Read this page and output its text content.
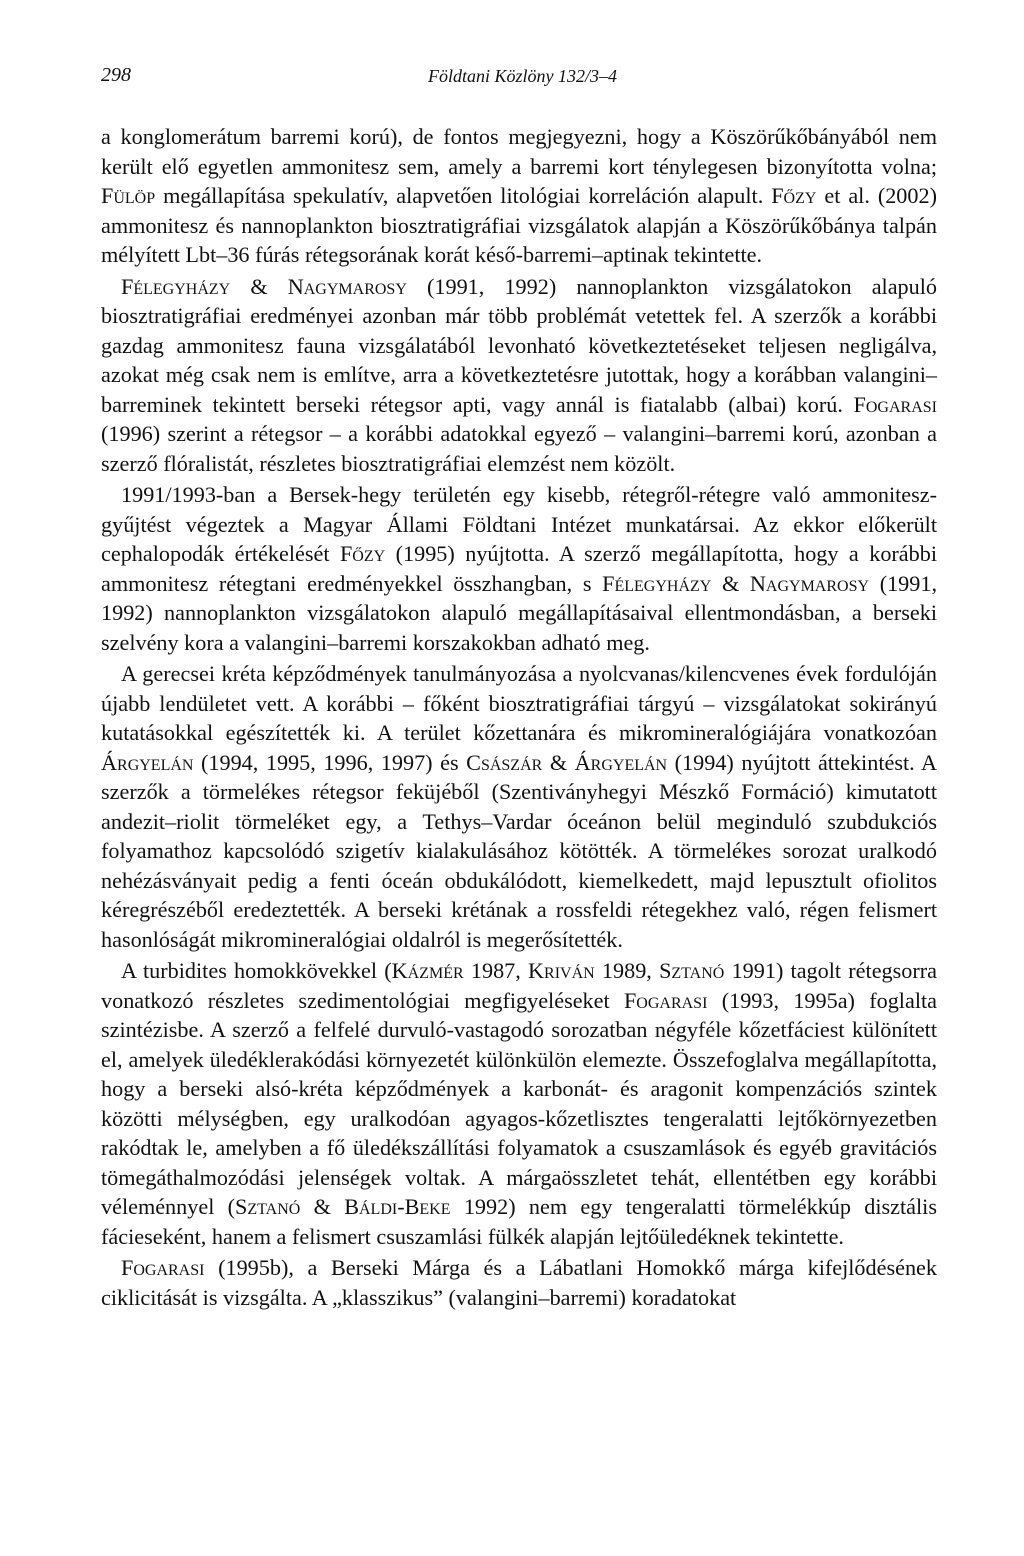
298	Földtani Közlöny 132/3–4

a konglomerátum barremi korú), de fontos megjegyezni, hogy a Köszörűkőbányából nem került elő egyetlen ammonitesz sem, amely a barremi kort ténylegesen bizonyította volna; Fülöp megállapítása spekulatív, alapvetően litológiai korreláción alapult. Főzy et al. (2002) ammonitesz és nannoplankton biosztratigráfiai vizsgálatok alapján a Köszörűkőbánya talpán mélyített Lbt–36 fúrás rétegsorának korát késő-barremi–aptinak tekintette.

Félegyházy & Nagymarosy (1991, 1992) nannoplankton vizsgálatokon alapuló biosztratigráfiai eredményei azonban már több problémát vetettek fel. A szerzők a korábbi gazdag ammonitesz fauna vizsgálatából levonható következtetéseket teljesen negligálva, azokat még csak nem is említve, arra a következtetésre jutottak, hogy a korábban valangini–barreminek tekintett berseki rétegsor apti, vagy annál is fiatalabb (albai) korú. Fogarasi (1996) szerint a rétegsor – a korábbi adatokkal egyező – valangini–barremi korú, azonban a szerző flóralistát, részletes biosztratigráfiai elemzést nem közölt.

1991/1993-ban a Bersek-hegy területén egy kisebb, rétegről-rétegre való ammonitesz-gyűjtést végeztek a Magyar Állami Földtani Intézet munkatársai. Az ekkor előkerült cephalopodák értékelését Főzy (1995) nyújtotta. A szerző megállapította, hogy a korábbi ammonitesz rétegtani eredményekkel összhangban, s Félegyházy & Nagymarosy (1991, 1992) nannoplankton vizsgálatokon alapuló megállapításaival ellentmondásban, a berseki szelvény kora a valangini–barremi korszakokban adható meg.

A gerecsei kréta képződmények tanulmányozása a nyolcvanas/kilencvenes évek fordulóján újabb lendületet vett. A korábbi – főként biosztratigráfiai tárgyú – vizsgálatokat sokirányú kutatásokkal egészítették ki. A terület kőzettanára és mikromineralógiájára vonatkozóan Árgyelán (1994, 1995, 1996, 1997) és Császár & Árgyelán (1994) nyújtott áttekintést. A szerzők a törmelékes rétegsor feküjéből (Szentiványhegyi Mészkő Formáció) kimutatott andezit–riolit törmeléket egy, a Tethys–Vardar óceánon belül meginduló szubdukciós folyamathoz kapcsolódó szigetív kialakulásához kötötték. A törmelékes sorozat uralkodó nehézásványait pedig a fenti óceán obdukálódott, kiemelkedett, majd lepusztult ofiolitos kéregrészéből eredeztették. A berseki krétának a rossfeldi rétegekhez való, régen felismert hasonlóságát mikromineralógiai oldalról is megerősítették.

A turbidites homokkövekkel (Kázmér 1987, Kriván 1989, Sztanó 1991) tagolt rétegsorra vonatkozó részletes szedimentológiai megfigyeléseket Fogarasi (1993, 1995a) foglalta szintézisbe. A szerző a felfelé durvuló-vastagodó sorozatban négyféle kőzetfáciest különített el, amelyek üledéklerakódási környezetét különkülön elemezte. Összefoglalva megállapította, hogy a berseki alsó-kréta képződmények a karbonát- és aragonit kompenzációs szintek közötti mélységben, egy uralkodóan agyagos-kőzetlisztes tengeralatti lejtőkörnyezetben rakódtak le, amelyben a fő üledékszállítási folyamatok a csuszamlások és egyéb gravitációs tömegáthalmozódási jelenségek voltak. A márgaösszletet tehát, ellentétben egy korábbi véleménnyel (Sztanó & Báldi-Beke 1992) nem egy tengeralatti törmelékkúp disztális fácieseként, hanem a felismert csuszamlási fülkék alapján lejtőüledéknek tekintette.

Fogarasi (1995b), a Berseki Márga és a Lábatlani Homokkő márga kifejlődésének ciklicitását is vizsgálta. A „klasszikus” (valangini–barremi) koradatokat
